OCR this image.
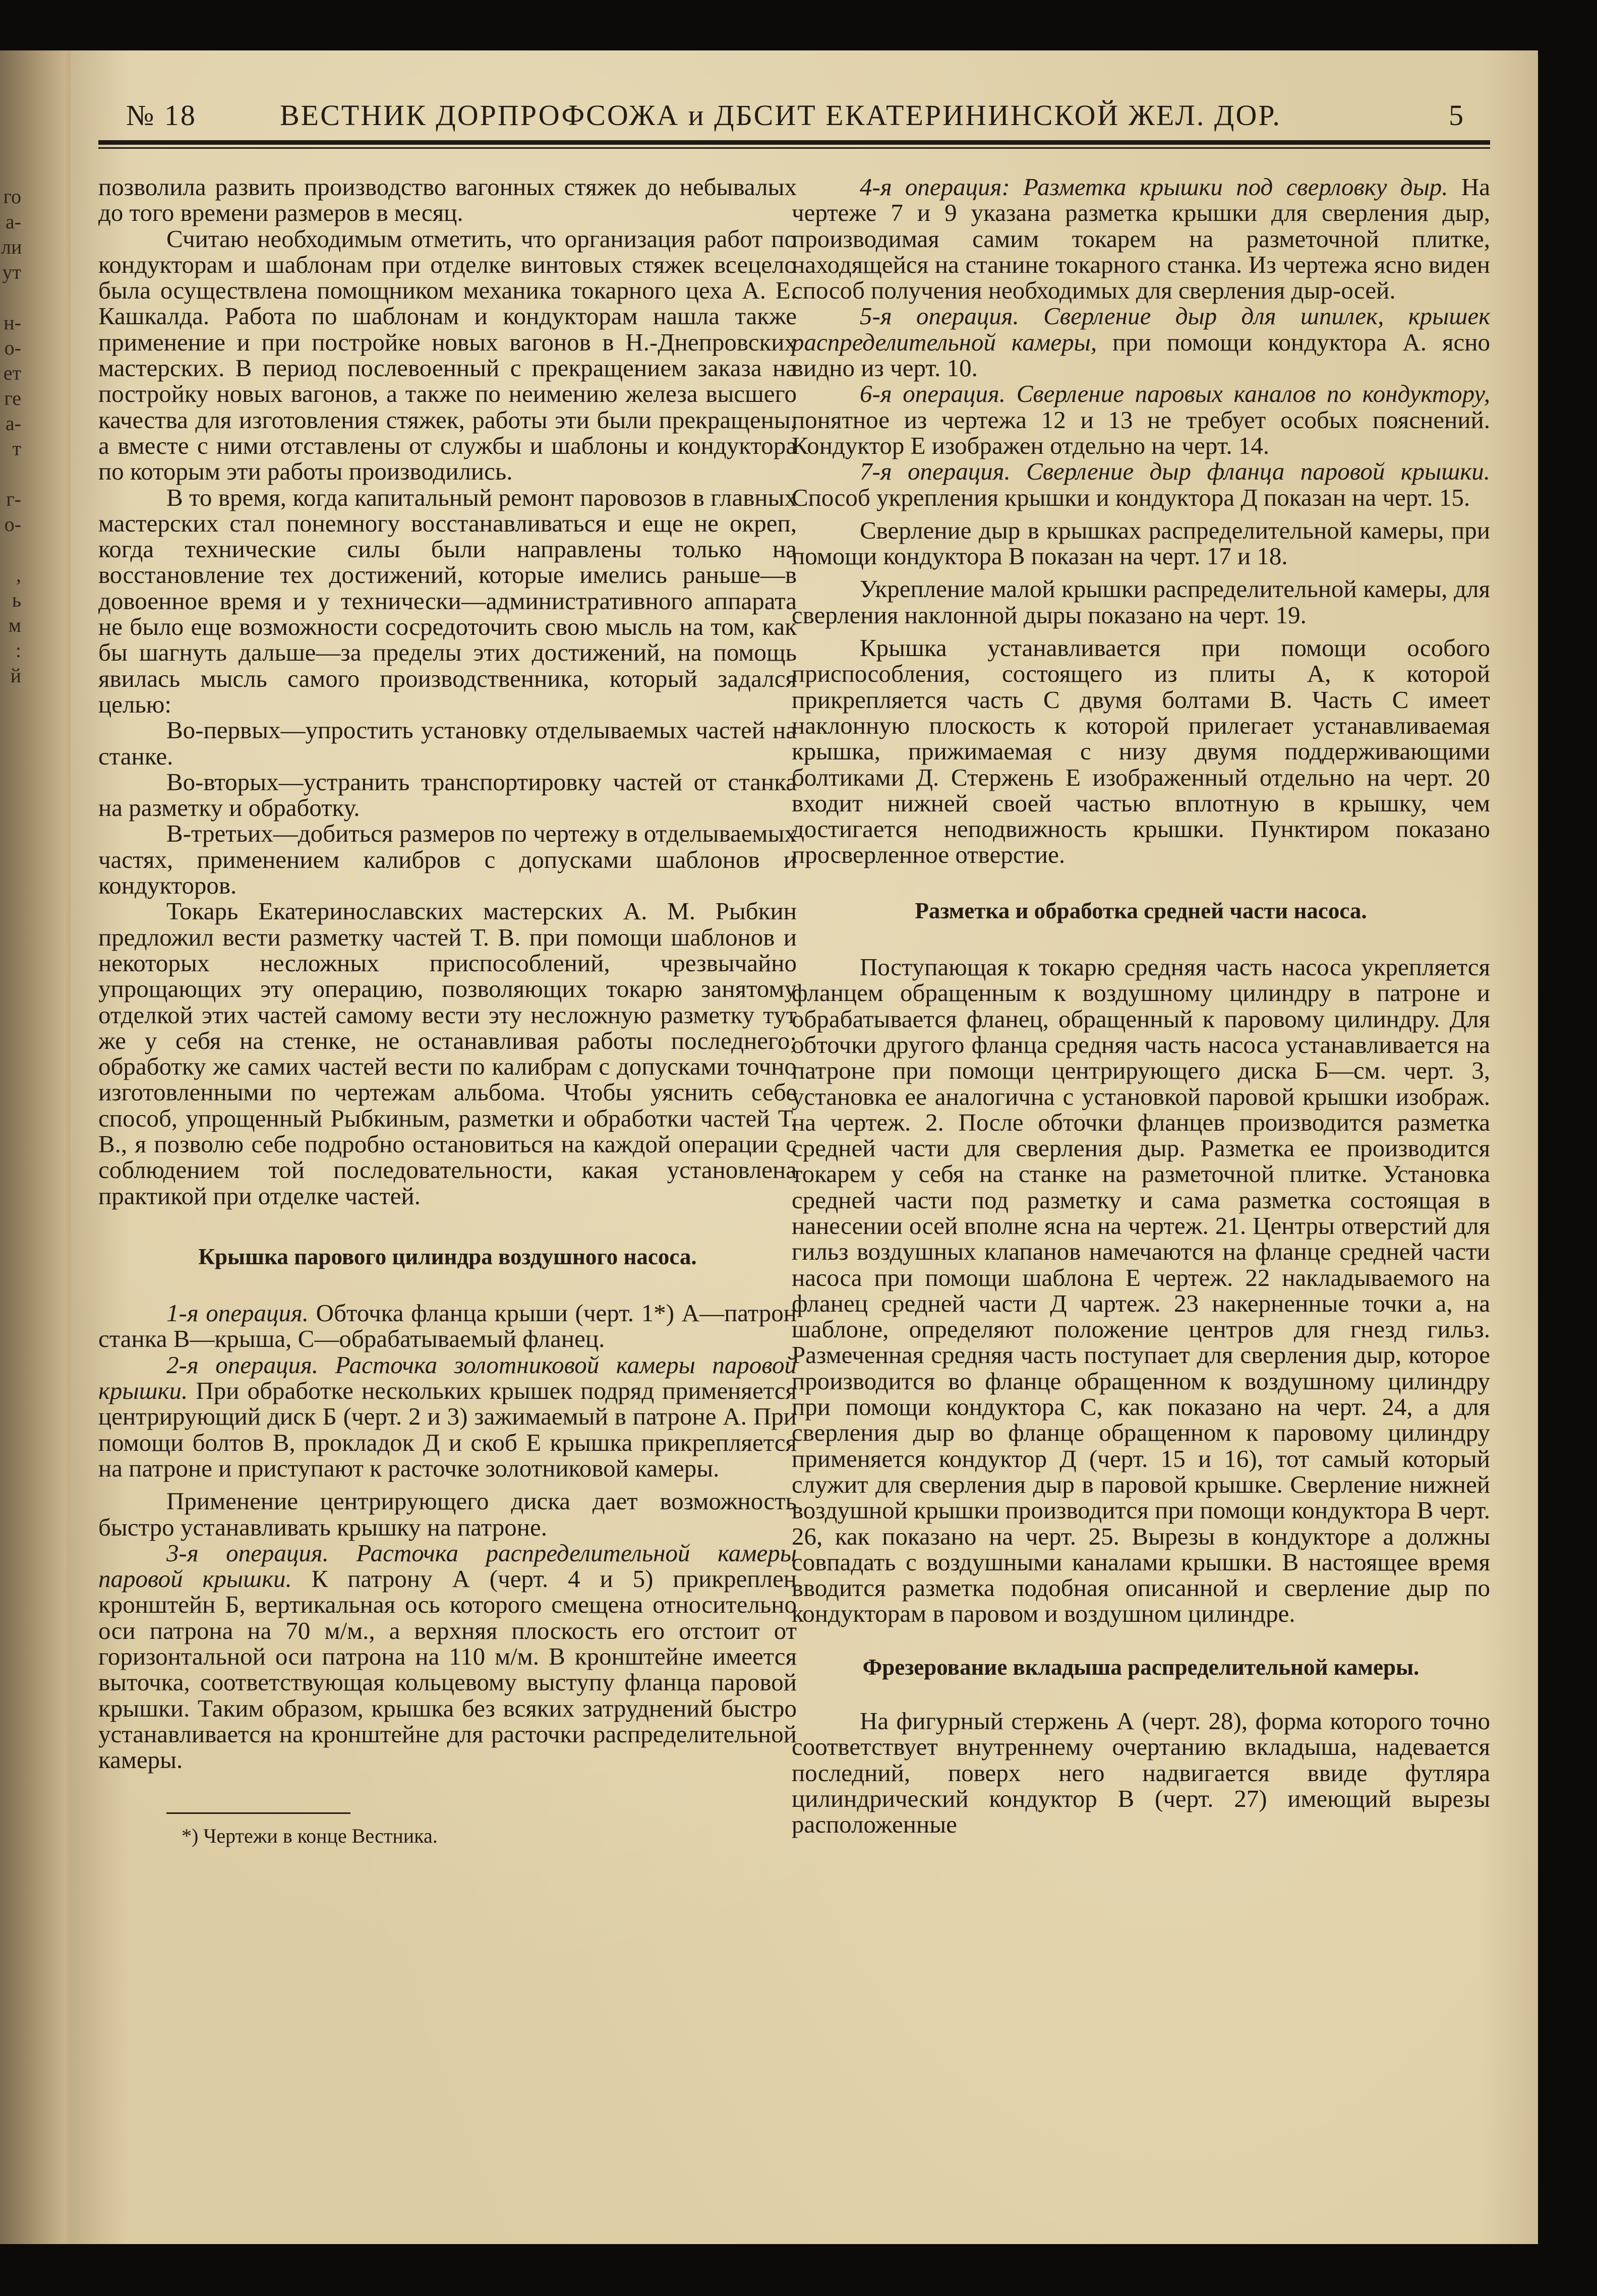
го
а-
ли
ут
н-
о-
ет
ге
а-
т
г-
о-
,
ь
м
:
й
№ 18	ВЕСТНИК ДОРПРОФСОЖА и ДБСИТ ЕКАТЕРИНИНСКОЙ ЖЕЛ. ДОР.	5

позволила развить производство вагонных стяжек до небывалых до того времени размеров в месяц.

Считаю необходимым отметить, что организация работ по кондукторам и шаблонам при отделке винтовых стяжек всецело была осуществлена помощником механика токарного цеха А. Е. Кашкалда. Работа по шаблонам и кондукторам нашла также применение и при постройке новых вагонов в Н.-Днепровских мастерских. В период послевоенный с прекращением заказа на постройку новых вагонов, а также по неимению железа высшего качества для изготовления стяжек, работы эти были прекращены, а вместе с ними отставлены от службы и шаблоны и кондуктора по которым эти работы производились.

В то время, когда капитальный ремонт паровозов в главных мастерских стал понемногу восстанавливаться и еще не окреп, когда технические силы были направлены только на восстановление тех достижений, которые имелись раньше—в довоенное время и у технически—административного аппарата не было еще возможности сосредоточить свою мысль на том, как бы шагнуть дальше—за пределы этих достижений, на помощь явилась мысль самого производственника, который задался целью:

Во-первых—упростить установку отделываемых частей на станке.

Во-вторых—устранить транспортировку частей от станка на разметку и обработку.

В-третьих—добиться размеров по чертежу в отделываемых частях, применением калибров с допусками шаблонов и кондукторов.

Токарь Екатеринославских мастерских А. М. Рыбкин предложил вести разметку частей Т. В. при помощи шаблонов и некоторых несложных приспособлений, чрезвычайно упрощающих эту операцию, позволяющих токарю занятому отделкой этих частей самому вести эту несложную разметку тут же у себя на стенке, не останавливая работы последнего; обработку же самих частей вести по калибрам с допусками точно изготовленными по чертежам альбома. Чтобы уяснить себе способ, упрощенный Рыбкиным, разметки и обработки частей Т. В., я позволю себе подробно остановиться на каждой операции с соблюдением той последовательности, какая установлена практикой при отделке частей.

Крышка парового цилиндра воздушного насоса.

1-я операция. Обточка фланца крыши (черт. 1*) А—патрон станка В—крыша, С—обрабатываемый фланец.

2-я операция. Расточка золотниковой камеры паровой крышки. При обработке нескольких крышек подряд применяется центрирующий диск Б (черт. 2 и 3) зажимаемый в патроне А. При помощи болтов В, прокладок Д и скоб Е крышка прикрепляется на патроне и приступают к расточке золотниковой камеры.

Применение центрирующего диска дает возможность быстро устанавливать крышку на патроне.

3-я операция. Расточка распределительной камеры паровой крышки. К патрону А (черт. 4 и 5) прикреплен кронштейн Б, вертикальная ось которого смещена относительно оси патрона на 70 м/м., а верхняя плоскость его отстоит от горизонтальной оси патрона на 110 м/м. В кронштейне имеется выточка, соответствующая кольцевому выступу фланца паровой крышки. Таким образом, крышка без всяких затруднений быстро устанавливается на кронштейне для расточки распределительной камеры.

*) Чертежи в конце Вестника.

4-я операция: Разметка крышки под сверловку дыр. На чертеже 7 и 9 указана разметка крышки для сверления дыр, производимая самим токарем на разметочной плитке, находящейся на станине токарного станка. Из чертежа ясно виден способ получения необходимых для сверления дыр-осей.

5-я операция. Сверление дыр для шпилек, крышек распределительной камеры, при помощи кондуктора А. ясно видно из черт. 10.

6-я операция. Сверление паровых каналов по кондуктору, понятное из чертежа 12 и 13 не требует особых пояснений. Кондуктор Е изображен отдельно на черт. 14.

7-я операция. Сверление дыр фланца паровой крышки. Способ укрепления крышки и кондуктора Д показан на черт. 15.

Сверление дыр в крышках распределительной камеры, при помощи кондуктора В показан на черт. 17 и 18.

Укрепление малой крышки распределительной камеры, для сверления наклонной дыры показано на черт. 19.

Крышка устанавливается при помощи особого приспособления, состоящего из плиты А, к которой прикрепляется часть С двумя болтами В. Часть С имеет наклонную плоскость к которой прилегает устанавливаемая крышка, прижимаемая с низу двумя поддерживающими болтиками Д. Стержень Е изображенный отдельно на черт. 20 входит нижней своей частью вплотную в крышку, чем достигается неподвижность крышки. Пунктиром показано просверленное отверстие.

Разметка и обработка средней части насоса.

Поступающая к токарю средняя часть насоса укрепляется фланцем обращенным к воздушному цилиндру в патроне и обрабатывается фланец, обращенный к паровому цилиндру. Для обточки другого фланца средняя часть насоса устанавливается на патроне при помощи центрирующего диска Б—см. черт. 3, установка ее аналогична с установкой паровой крышки изображ. на чертеж. 2. После обточки фланцев производится разметка средней части для сверления дыр. Разметка ее производится токарем у себя на станке на разметочной плитке. Установка средней части под разметку и сама разметка состоящая в нанесении осей вполне ясна на чертеж. 21. Центры отверстий для гильз воздушных клапанов намечаются на фланце средней части насоса при помощи шаблона Е чертеж. 22 накладываемого на фланец средней части Д чартеж. 23 накерненные точки а, на шаблоне, определяют положение центров для гнезд гильз. Размеченная средняя часть поступает для сверления дыр, которое производится во фланце обращенном к воздушному цилиндру при помощи кондуктора С, как показано на черт. 24, а для сверления дыр во фланце обращенном к паровому цилиндру применяется кондуктор Д (черт. 15 и 16), тот самый который служит для сверления дыр в паровой крышке. Сверление нижней воздушной крышки производится при помощи кондуктора В черт. 26, как показано на черт. 25. Вырезы в кондукторе а должны совпадать с воздушными каналами крышки. В настоящее время вводится разметка подобная описанной и сверление дыр по кондукторам в паровом и воздушном цилиндре.

Фрезерование вкладыша распределительной камеры.

На фигурный стержень А (черт. 28), форма которого точно соответствует внутреннему очертанию вкладыша, надевается последний, поверх него надвигается ввиде футляра цилиндрический кондуктор В (черт. 27) имеющий вырезы расположенные
